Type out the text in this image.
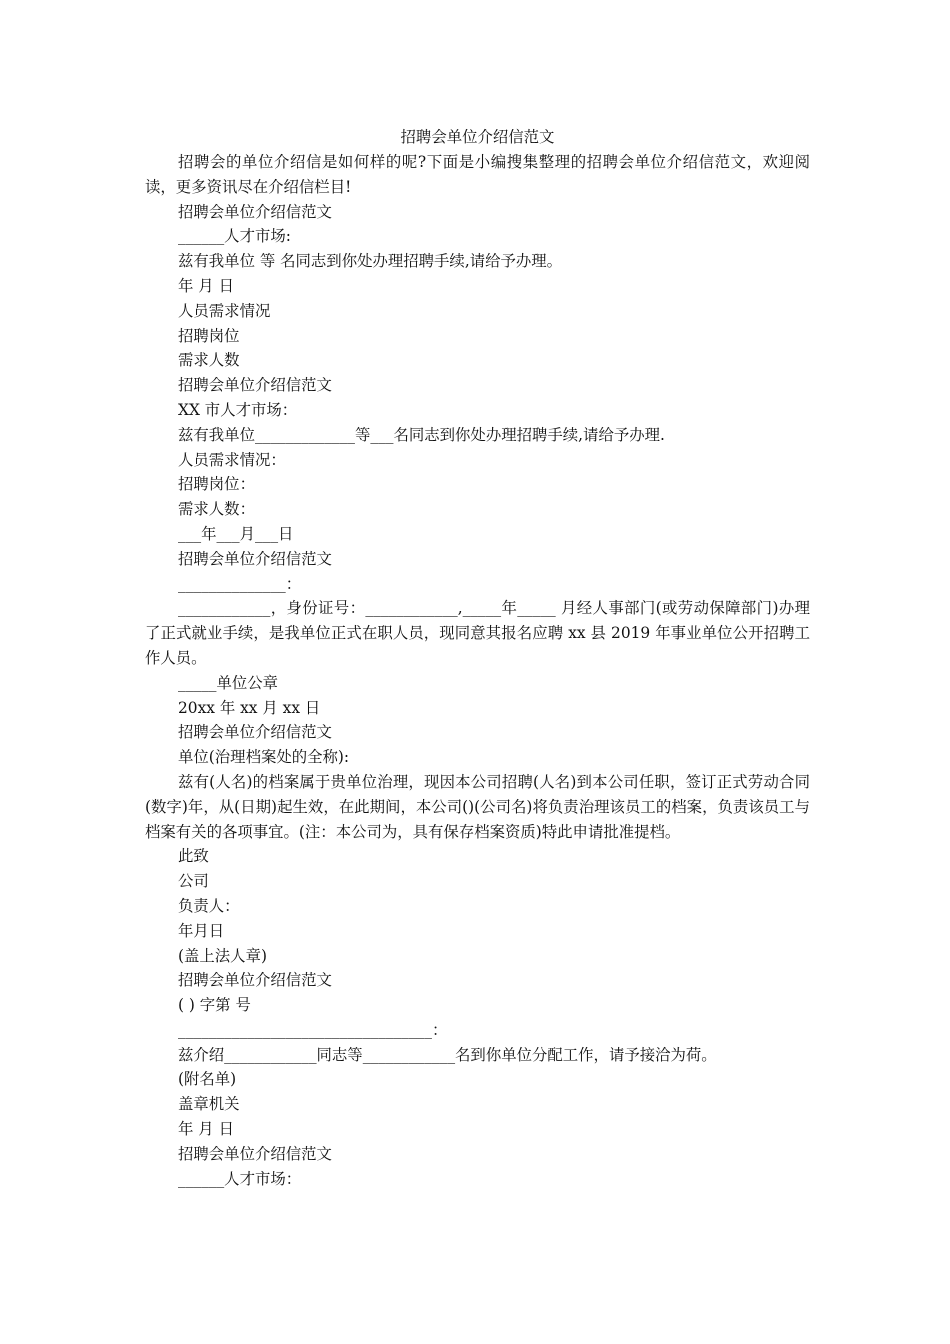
招聘会单位介绍信范文

招聘会的单位介绍信是如何样的呢?下面是小编搜集整理的招聘会单位介绍信范文，欢迎阅读，更多资讯尽在介绍信栏目!

招聘会单位介绍信范文

______人才市场:

兹有我单位 等 名同志到你处办理招聘手续,请给予办理。

年 月 日

人员需求情况

招聘岗位

需求人数

招聘会单位介绍信范文

XX 市人才市场：

兹有我单位_____________等___名同志到你处办理招聘手续,请给予办理.

人员需求情况：

招聘岗位：

需求人数：

___年___月___日

招聘会单位介绍信范文

______________：

____________，身份证号：____________,_____年_____ 月经人事部门(或劳动保障部门)办理了正式就业手续，是我单位正式在职人员，现同意其报名应聘 xx 县 2019 年事业单位公开招聘工作人员。

_____单位公章

20xx 年 xx 月 xx 日

招聘会单位介绍信范文

单位(治理档案处的全称):

兹有(人名)的档案属于贵单位治理，现因本公司招聘(人名)到本公司任职，签订正式劳动合同(数字)年，从(日期)起生效，在此期间，本公司()(公司名)将负责治理该员工的档案，负责该员工与档案有关的各项事宜。(注：本公司为，具有保存档案资质)特此申请批准提档。

此致

公司

负责人：

年月日

(盖上法人章)

招聘会单位介绍信范文

( ) 字第 号

_________________________________：

兹介绍____________同志等____________名到你单位分配工作，请予接洽为荷。

(附名单)

盖章机关

年 月 日

招聘会单位介绍信范文

______人才市场：
